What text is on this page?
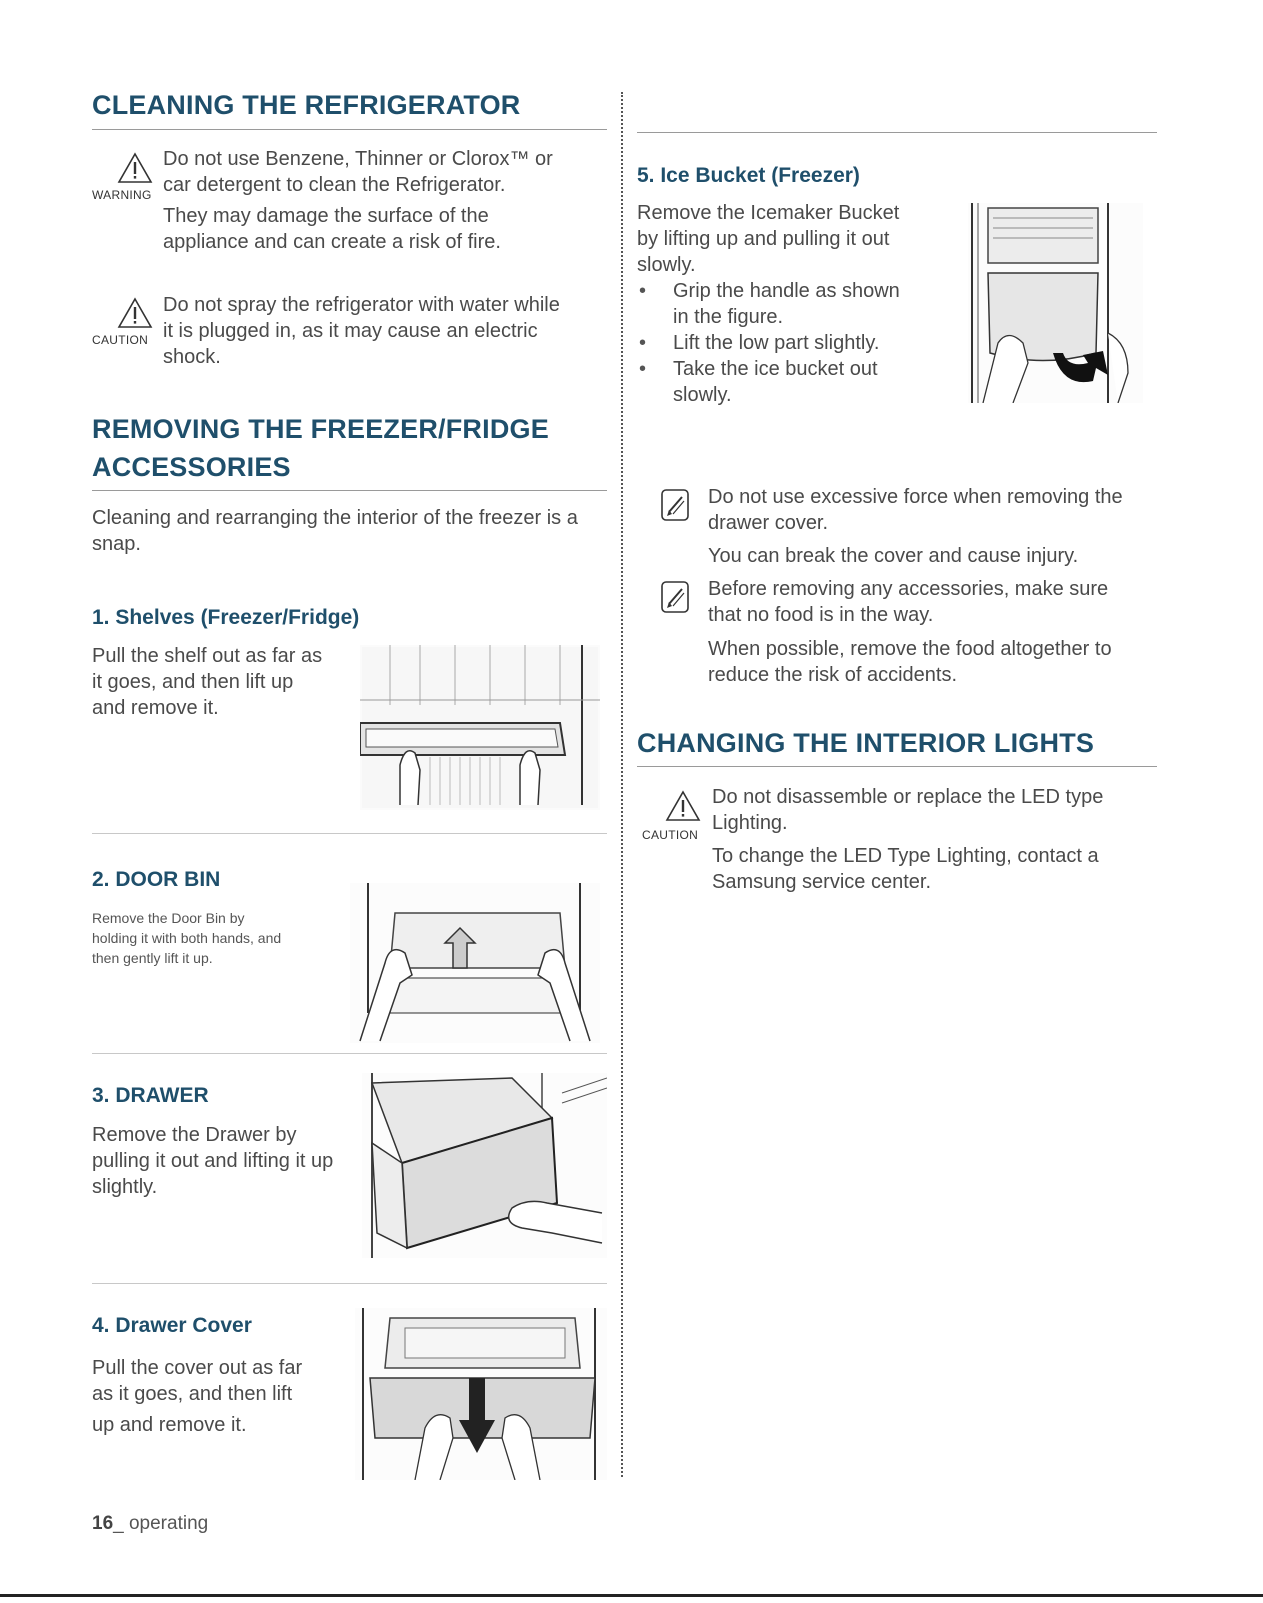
CLEANING THE REFRIGERATOR
WARNING
Do not use Benzene, Thinner or Clorox™ or
car detergent to clean the Refrigerator.
They may damage the surface of the
appliance and can create a risk of fire.
CAUTION
Do not spray the refrigerator with water while
it is plugged in, as it may cause an electric
shock.
REMOVING THE FREEZER/FRIDGE
ACCESSORIES
Cleaning and rearranging the interior of the freezer is a
snap.
1. Shelves (Freezer/Fridge)
Pull the shelf out as far as
it goes, and then lift up
and remove it.
2. DOOR BIN
Remove the Door Bin by
holding it with both hands, and
then gently lift it up.
3. DRAWER
Remove the Drawer by
pulling it out and lifting it up
slightly.
4. Drawer Cover
Pull the cover out as far
as it goes, and then lift
up and remove it.
5. Ice Bucket (Freezer)
Remove the Icemaker Bucket
by lifting up and pulling it out
slowly.
• Grip the handle as shown
in the figure.
• Lift the low part slightly.
• Take the ice bucket out
slowly.
Do not use excessive force when removing the
drawer cover.
You can break the cover and cause injury.
Before removing any accessories, make sure
that no food is in the way.
When possible, remove the food altogether to
reduce the risk of accidents.
CHANGING THE INTERIOR LIGHTS
CAUTION
Do not disassemble or replace the LED type
Lighting.
To change the LED Type Lighting, contact a
Samsung service center.
16_ operating
